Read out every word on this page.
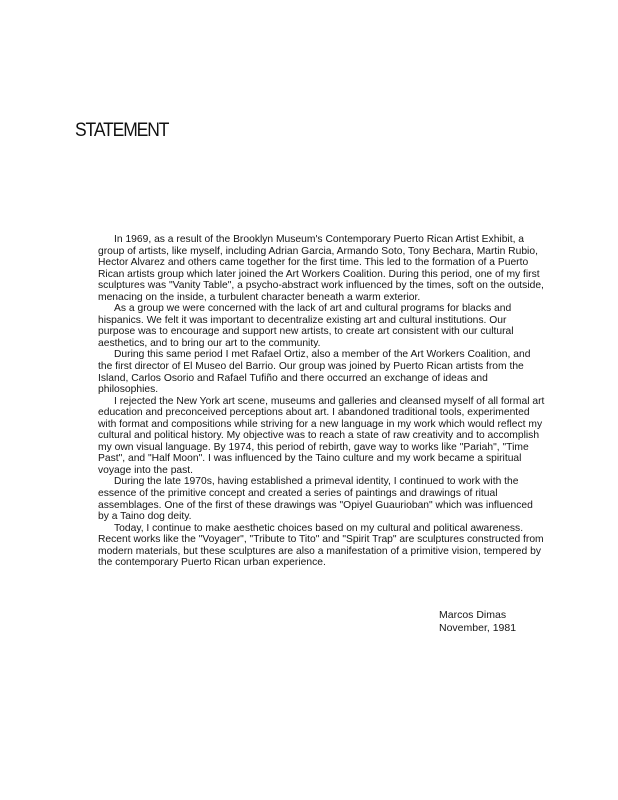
STATEMENT

In 1969, as a result of the Brooklyn Museum's Contemporary Puerto Rican Artist Exhibit, a group of artists, like myself, including Adrian Garcia, Armando Soto, Tony Bechara, Martin Rubio, Hector Alvarez and others came together for the first time. This led to the formation of a Puerto Rican artists group which later joined the Art Workers Coalition. During this period, one of my first sculptures was "Vanity Table", a psycho-abstract work influenced by the times, soft on the outside, menacing on the inside, a turbulent character beneath a warm exterior.

As a group we were concerned with the lack of art and cultural programs for blacks and hispanics. We felt it was important to decentralize existing art and cultural institutions. Our purpose was to encourage and support new artists, to create art consistent with our cultural aesthetics, and to bring our art to the community.

During this same period I met Rafael Ortiz, also a member of the Art Workers Coalition, and the first director of El Museo del Barrio. Our group was joined by Puerto Rican artists from the Island, Carlos Osorio and Rafael Tufiño and there occurred an exchange of ideas and philosophies.

I rejected the New York art scene, museums and galleries and cleansed myself of all formal art education and preconceived perceptions about art. I abandoned traditional tools, experimented with format and compositions while striving for a new language in my work which would reflect my cultural and political history. My objective was to reach a state of raw creativity and to accomplish my own visual language. By 1974, this period of rebirth, gave way to works like "Pariah", "Time Past", and "Half Moon". I was influenced by the Taino culture and my work became a spiritual voyage into the past.

During the late 1970s, having established a primeval identity, I continued to work with the essence of the primitive concept and created a series of paintings and drawings of ritual assemblages. One of the first of these drawings was "Opiyel Guaurioban" which was influenced by a Taino dog deity.

Today, I continue to make aesthetic choices based on my cultural and political awareness. Recent works like the "Voyager", "Tribute to Tito" and "Spirit Trap" are sculptures constructed from modern materials, but these sculptures are also a manifestation of a primitive vision, tempered by the contemporary Puerto Rican urban experience.

Marcos Dimas
November, 1981
